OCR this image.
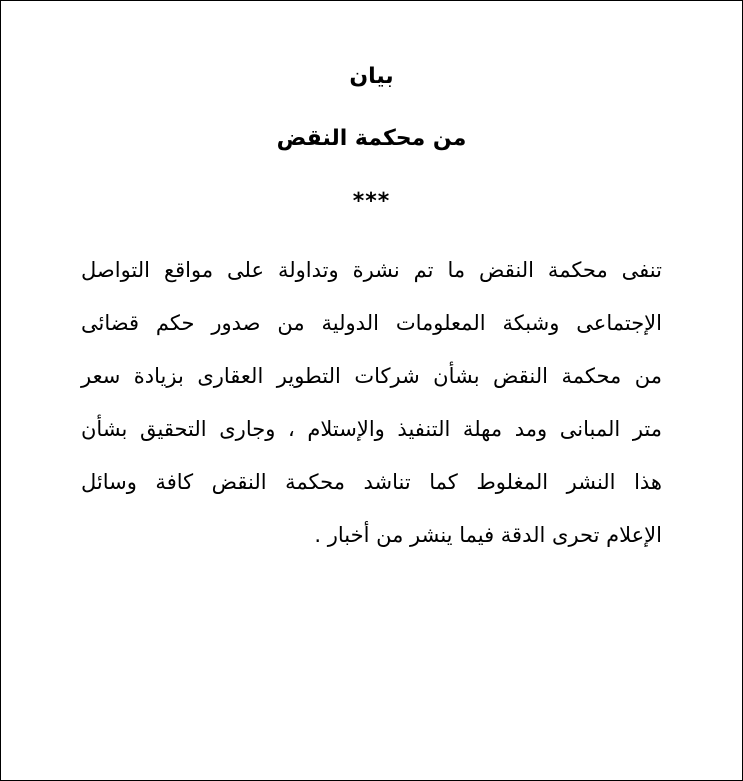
بيان
من محكمة النقض
***
تنفى محكمة النقض ما تم نشرة وتداولة على مواقع التواصل
الإجتماعى وشبكة المعلومات الدولية من صدور حكم قضائى
من محكمة النقض بشأن شركات التطوير العقارى بزيادة سعر
متر المبانى ومد مهلة التنفيذ والإستلام ، وجارى التحقيق بشأن
هذا النشر المغلوط كما تناشد محكمة النقض كافة وسائل
الإعلام تحرى الدقة فيما ينشر من أخبار .
